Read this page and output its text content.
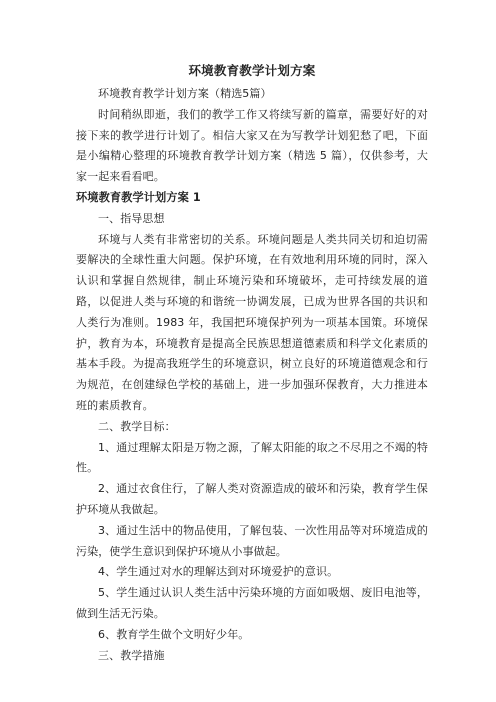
环境教育教学计划方案

环境教育教学计划方案（精选5篇）

时间稍纵即逝，我们的教学工作又将续写新的篇章，需要好好的对接下来的教学进行计划了。相信大家又在为写教学计划犯愁了吧，下面是小编精心整理的环境教育教学计划方案（精选 5 篇），仅供参考，大家一起来看看吧。

环境教育教学计划方案 1

一、指导思想

环境与人类有非常密切的关系。环境问题是人类共同关切和迫切需要解决的全球性重大问题。保护环境，在有效地利用环境的同时，深入认识和掌握自然规律，制止环境污染和环境破坏，走可持续发展的道路，以促进人类与环境的和谐统一协调发展，已成为世界各国的共识和人类行为准则。1983 年，我国把环境保护列为一项基本国策。环境保护，教育为本，环境教育是提高全民族思想道德素质和科学文化素质的基本手段。为提高我班学生的环境意识，树立良好的环境道德观念和行为规范，在创建绿色学校的基础上，进一步加强环保教育，大力推进本班的素质教育。

二、教学目标：

1、通过理解太阳是万物之源，了解太阳能的取之不尽用之不竭的特性。

2、通过衣食住行，了解人类对资源造成的破坏和污染，教育学生保护环境从我做起。

3、通过生活中的物品使用，了解包装、一次性用品等对环境造成的污染，使学生意识到保护环境从小事做起。

4、学生通过对水的理解达到对环境爱护的意识。

5、学生通过认识人类生活中污染环境的方面如吸烟、废旧电池等，做到生活无污染。

6、教育学生做个文明好少年。

三、教学措施
